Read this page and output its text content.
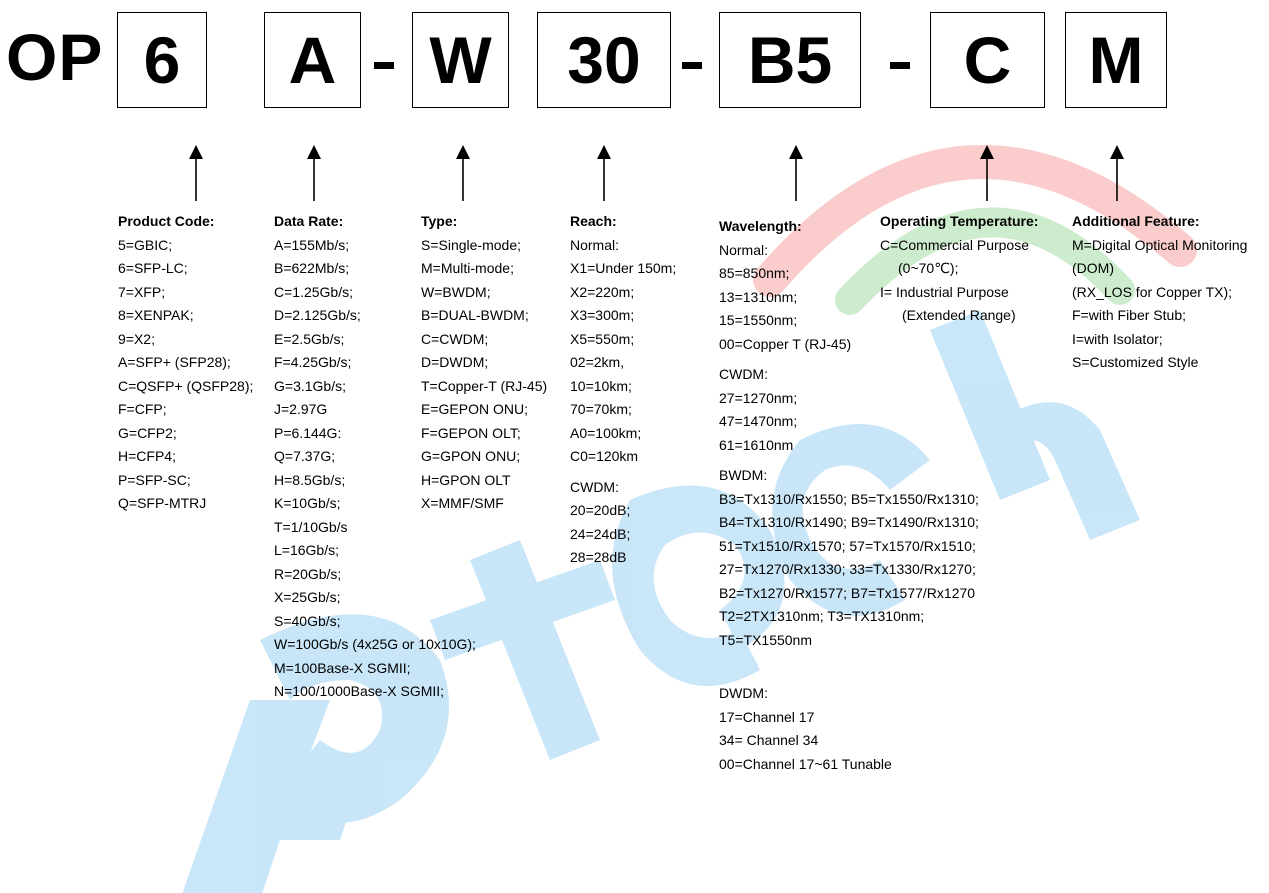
OP 6	A	W	30	B5	C	M
Product Code:
5=GBIC;
6=SFP-LC;
7=XFP;
8=XENPAK;
9=X2;
A=SFP+ (SFP28);
C=QSFP+ (QSFP28);
F=CFP;
G=CFP2;
H=CFP4;
P=SFP-SC;
Q=SFP-MTRJ
Data Rate:
A=155Mb/s;
B=622Mb/s;
C=1.25Gb/s;
D=2.125Gb/s;
E=2.5Gb/s;
F=4.25Gb/s;
G=3.1Gb/s;
J=2.97G
P=6.144G:
Q=7.37G;
H=8.5Gb/s;
K=10Gb/s;
T=1/10Gb/s
L=16Gb/s;
R=20Gb/s;
X=25Gb/s;
S=40Gb/s;
W=100Gb/s (4x25G or 10x10G);
M=100Base-X SGMII;
N=100/1000Base-X SGMII;
Type:
S=Single-mode;
M=Multi-mode;
W=BWDM;
B=DUAL-BWDM;
C=CWDM;
D=DWDM;
T=Copper-T (RJ-45)
E=GEPON ONU;
F=GEPON OLT;
G=GPON ONU;
H=GPON OLT
X=MMF/SMF
Reach:
Normal:
X1=Under 150m;
X2=220m;
X3=300m;
X5=550m;
02=2km,
10=10km;
70=70km;
A0=100km;
C0=120km
CWDM:
20=20dB;
24=24dB;
28=28dB
Wavelength:
Normal:
85=850nm;
13=1310nm;
15=1550nm;
00=Copper T (RJ-45)
CWDM:
27=1270nm;
47=1470nm;
61=1610nm
BWDM:
B3=Tx1310/Rx1550; B5=Tx1550/Rx1310;
B4=Tx1310/Rx1490; B9=Tx1490/Rx1310;
51=Tx1510/Rx1570; 57=Tx1570/Rx1510;
27=Tx1270/Rx1330; 33=Tx1330/Rx1270;
B2=Tx1270/Rx1577; B7=Tx1577/Rx1270
T2=2TX1310nm; T3=TX1310nm;
T5=TX1550nm
DWDM:
17=Channel 17
34= Channel 34
00=Channel 17~61 Tunable
Operating Temperature:
C=Commercial Purpose
(0~70℃);
I= Industrial Purpose
(Extended Range)
Additional Feature:
M=Digital Optical Monitoring
(DOM)
(RX_LOS for Copper TX);
F=with Fiber Stub;
I=with Isolator;
S=Customized Style
